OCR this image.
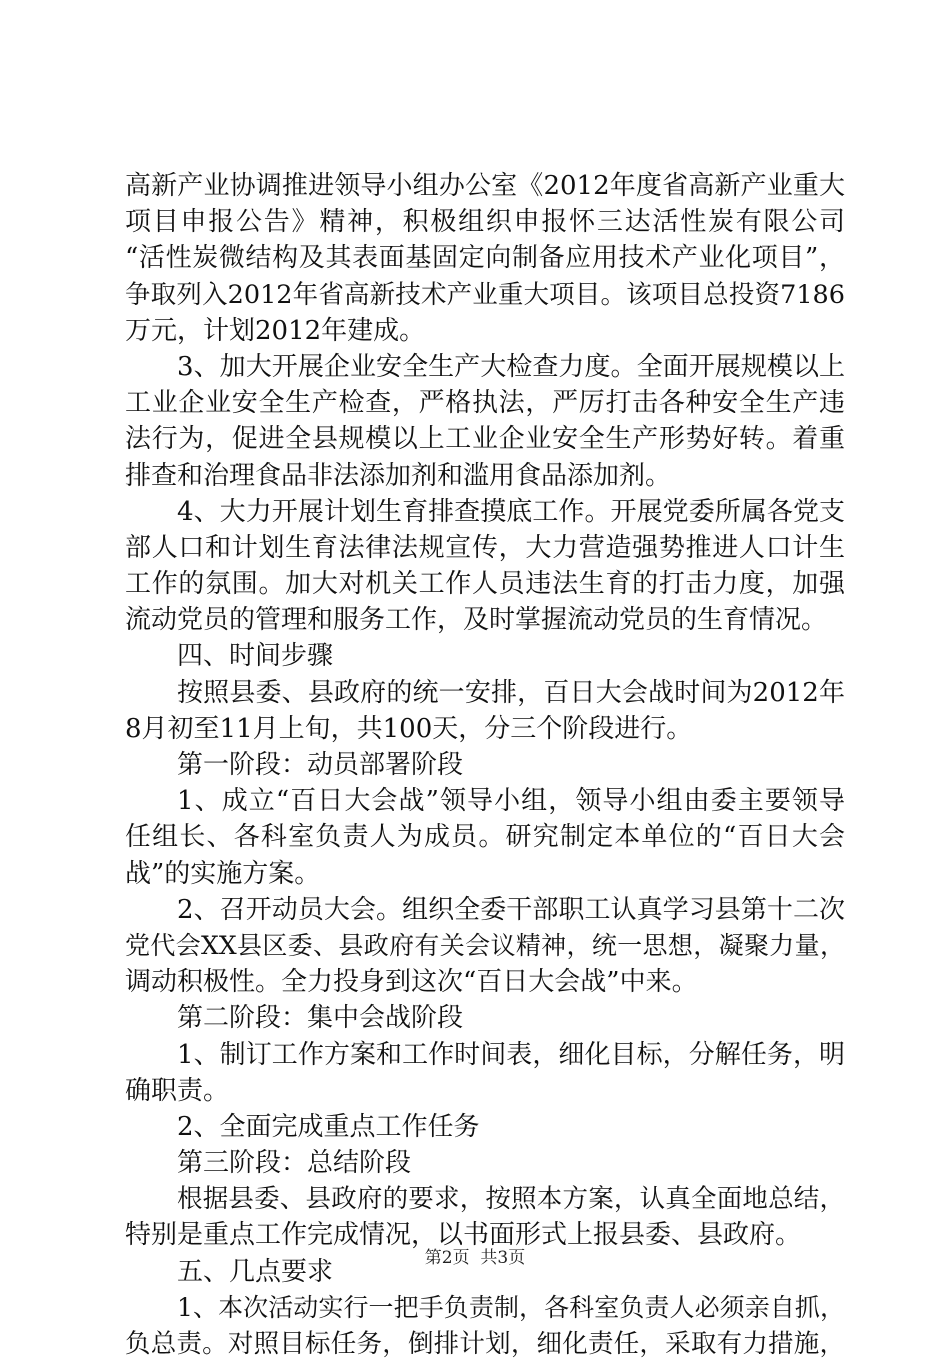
高新产业协调推进领导小组办公室《2012年度省高新产业重大
项目申报公告》精神，积极组织申报怀三达活性炭有限公司
“活性炭微结构及其表面基固定向制备应用技术产业化项目”，
争取列入2012年省高新技术产业重大项目。该项目总投资7186
万元，计划2012年建成。
3、加大开展企业安全生产大检查力度。全面开展规模以上
工业企业安全生产检查，严格执法，严厉打击各种安全生产违
法行为，促进全县规模以上工业企业安全生产形势好转。着重
排查和治理食品非法添加剂和滥用食品添加剂。
4、大力开展计划生育排查摸底工作。开展党委所属各党支
部人口和计划生育法律法规宣传，大力营造强势推进人口计生
工作的氛围。加大对机关工作人员违法生育的打击力度，加强
流动党员的管理和服务工作，及时掌握流动党员的生育情况。
四、时间步骤
按照县委、县政府的统一安排，百日大会战时间为2012年
8月初至11月上旬，共100天，分三个阶段进行。
第一阶段：动员部署阶段
1、成立“百日大会战”领导小组，领导小组由委主要领导
任组长、各科室负责人为成员。研究制定本单位的“百日大会
战”的实施方案。
2、召开动员大会。组织全委干部职工认真学习县第十二次
党代会XX县区委、县政府有关会议精神，统一思想，凝聚力量，
调动积极性。全力投身到这次“百日大会战”中来。
第二阶段：集中会战阶段
1、制订工作方案和工作时间表，细化目标，分解任务，明
确职责。
2、全面完成重点工作任务
第三阶段：总结阶段
根据县委、县政府的要求，按照本方案，认真全面地总结，
特别是重点工作完成情况，以书面形式上报县委、县政府。
五、几点要求
1、本次活动实行一把手负责制，各科室负责人必须亲自抓，
负总责。对照目标任务，倒排计划，细化责任，采取有力措施，
第2页  共3页
